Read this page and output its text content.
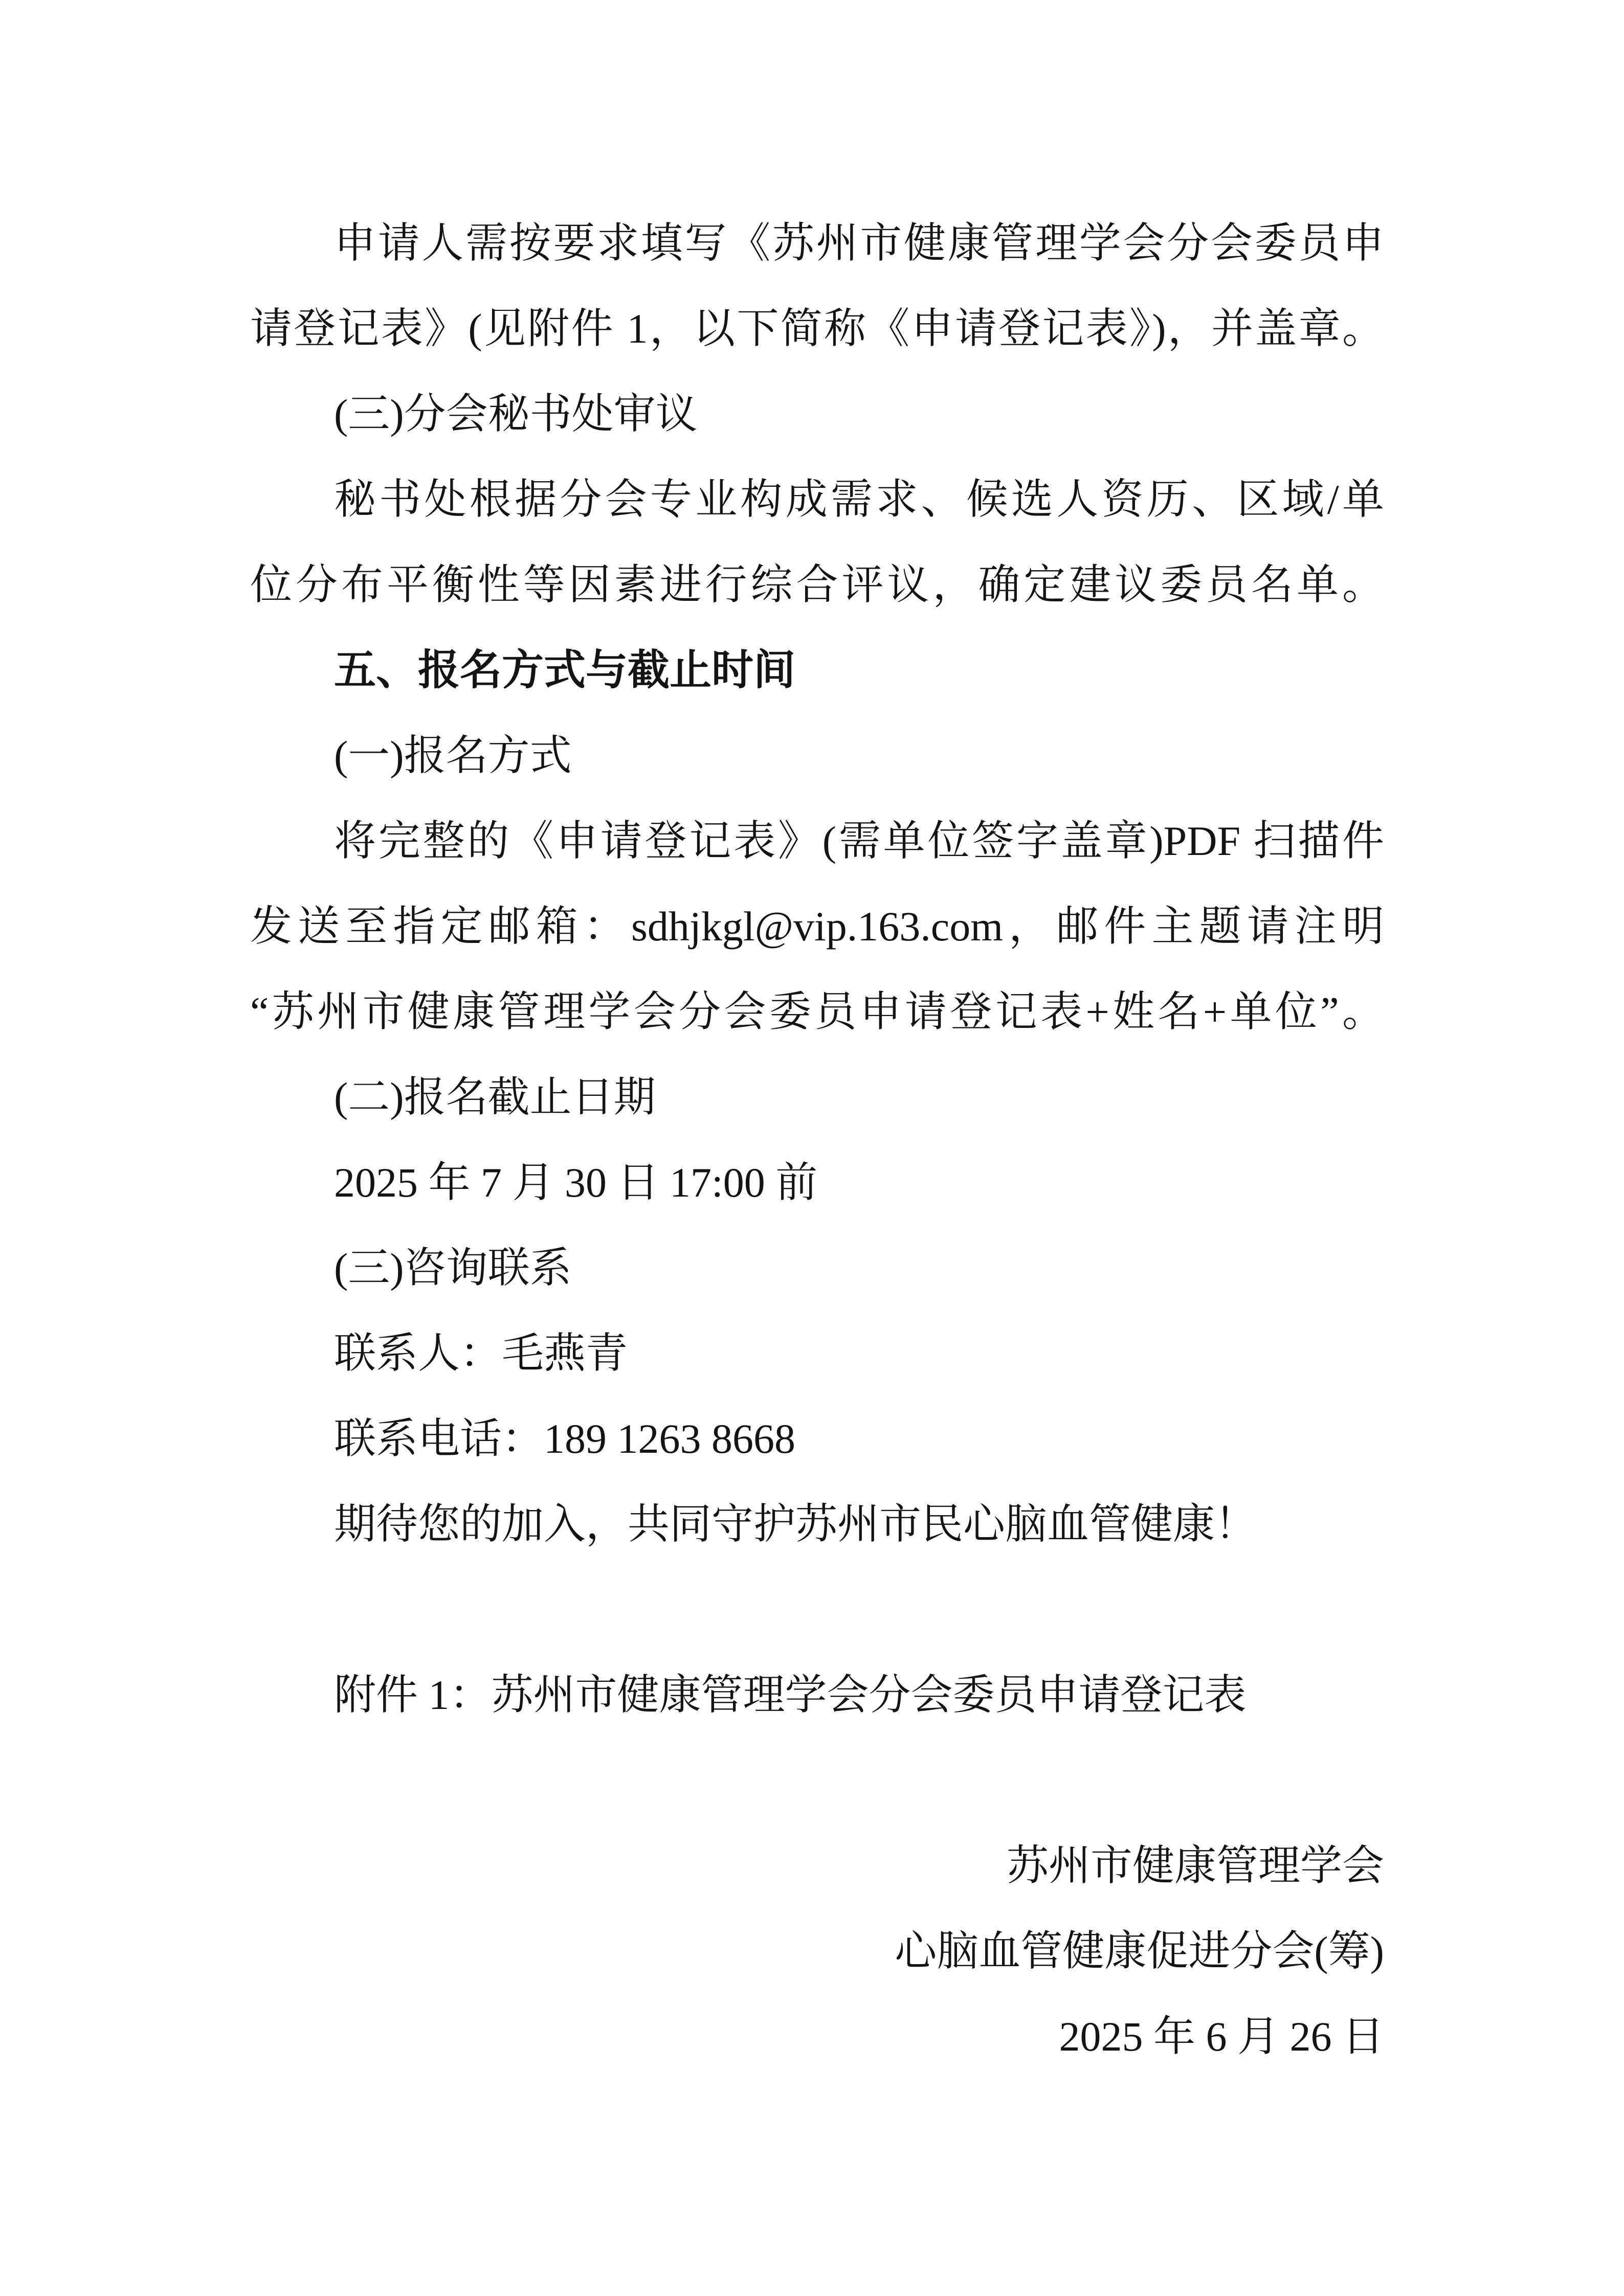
申请人需按要求填写《苏州市健康管理学会分会委员申
请登记表》(见附件 1，以下简称《申请登记表》)，并盖章。
(三)分会秘书处审议
秘书处根据分会专业构成需求、候选人资历、区域/单
位分布平衡性等因素进行综合评议，确定建议委员名单。
五、报名方式与截止时间
(一)报名方式
将完整的《申请登记表》(需单位签字盖章)PDF 扫描件
发送至指定邮箱：sdhjkgl@vip.163.com，邮件主题请注明
“苏州市健康管理学会分会委员申请登记表+姓名+单位”。
(二)报名截止日期
2025 年 7 月 30 日 17:00 前
(三)咨询联系
联系人：毛燕青
联系电话：189 1263 8668
期待您的加入，共同守护苏州市民心脑血管健康！
附件 1：苏州市健康管理学会分会委员申请登记表
苏州市健康管理学会
心脑血管健康促进分会(筹)
2025 年 6 月 26 日
